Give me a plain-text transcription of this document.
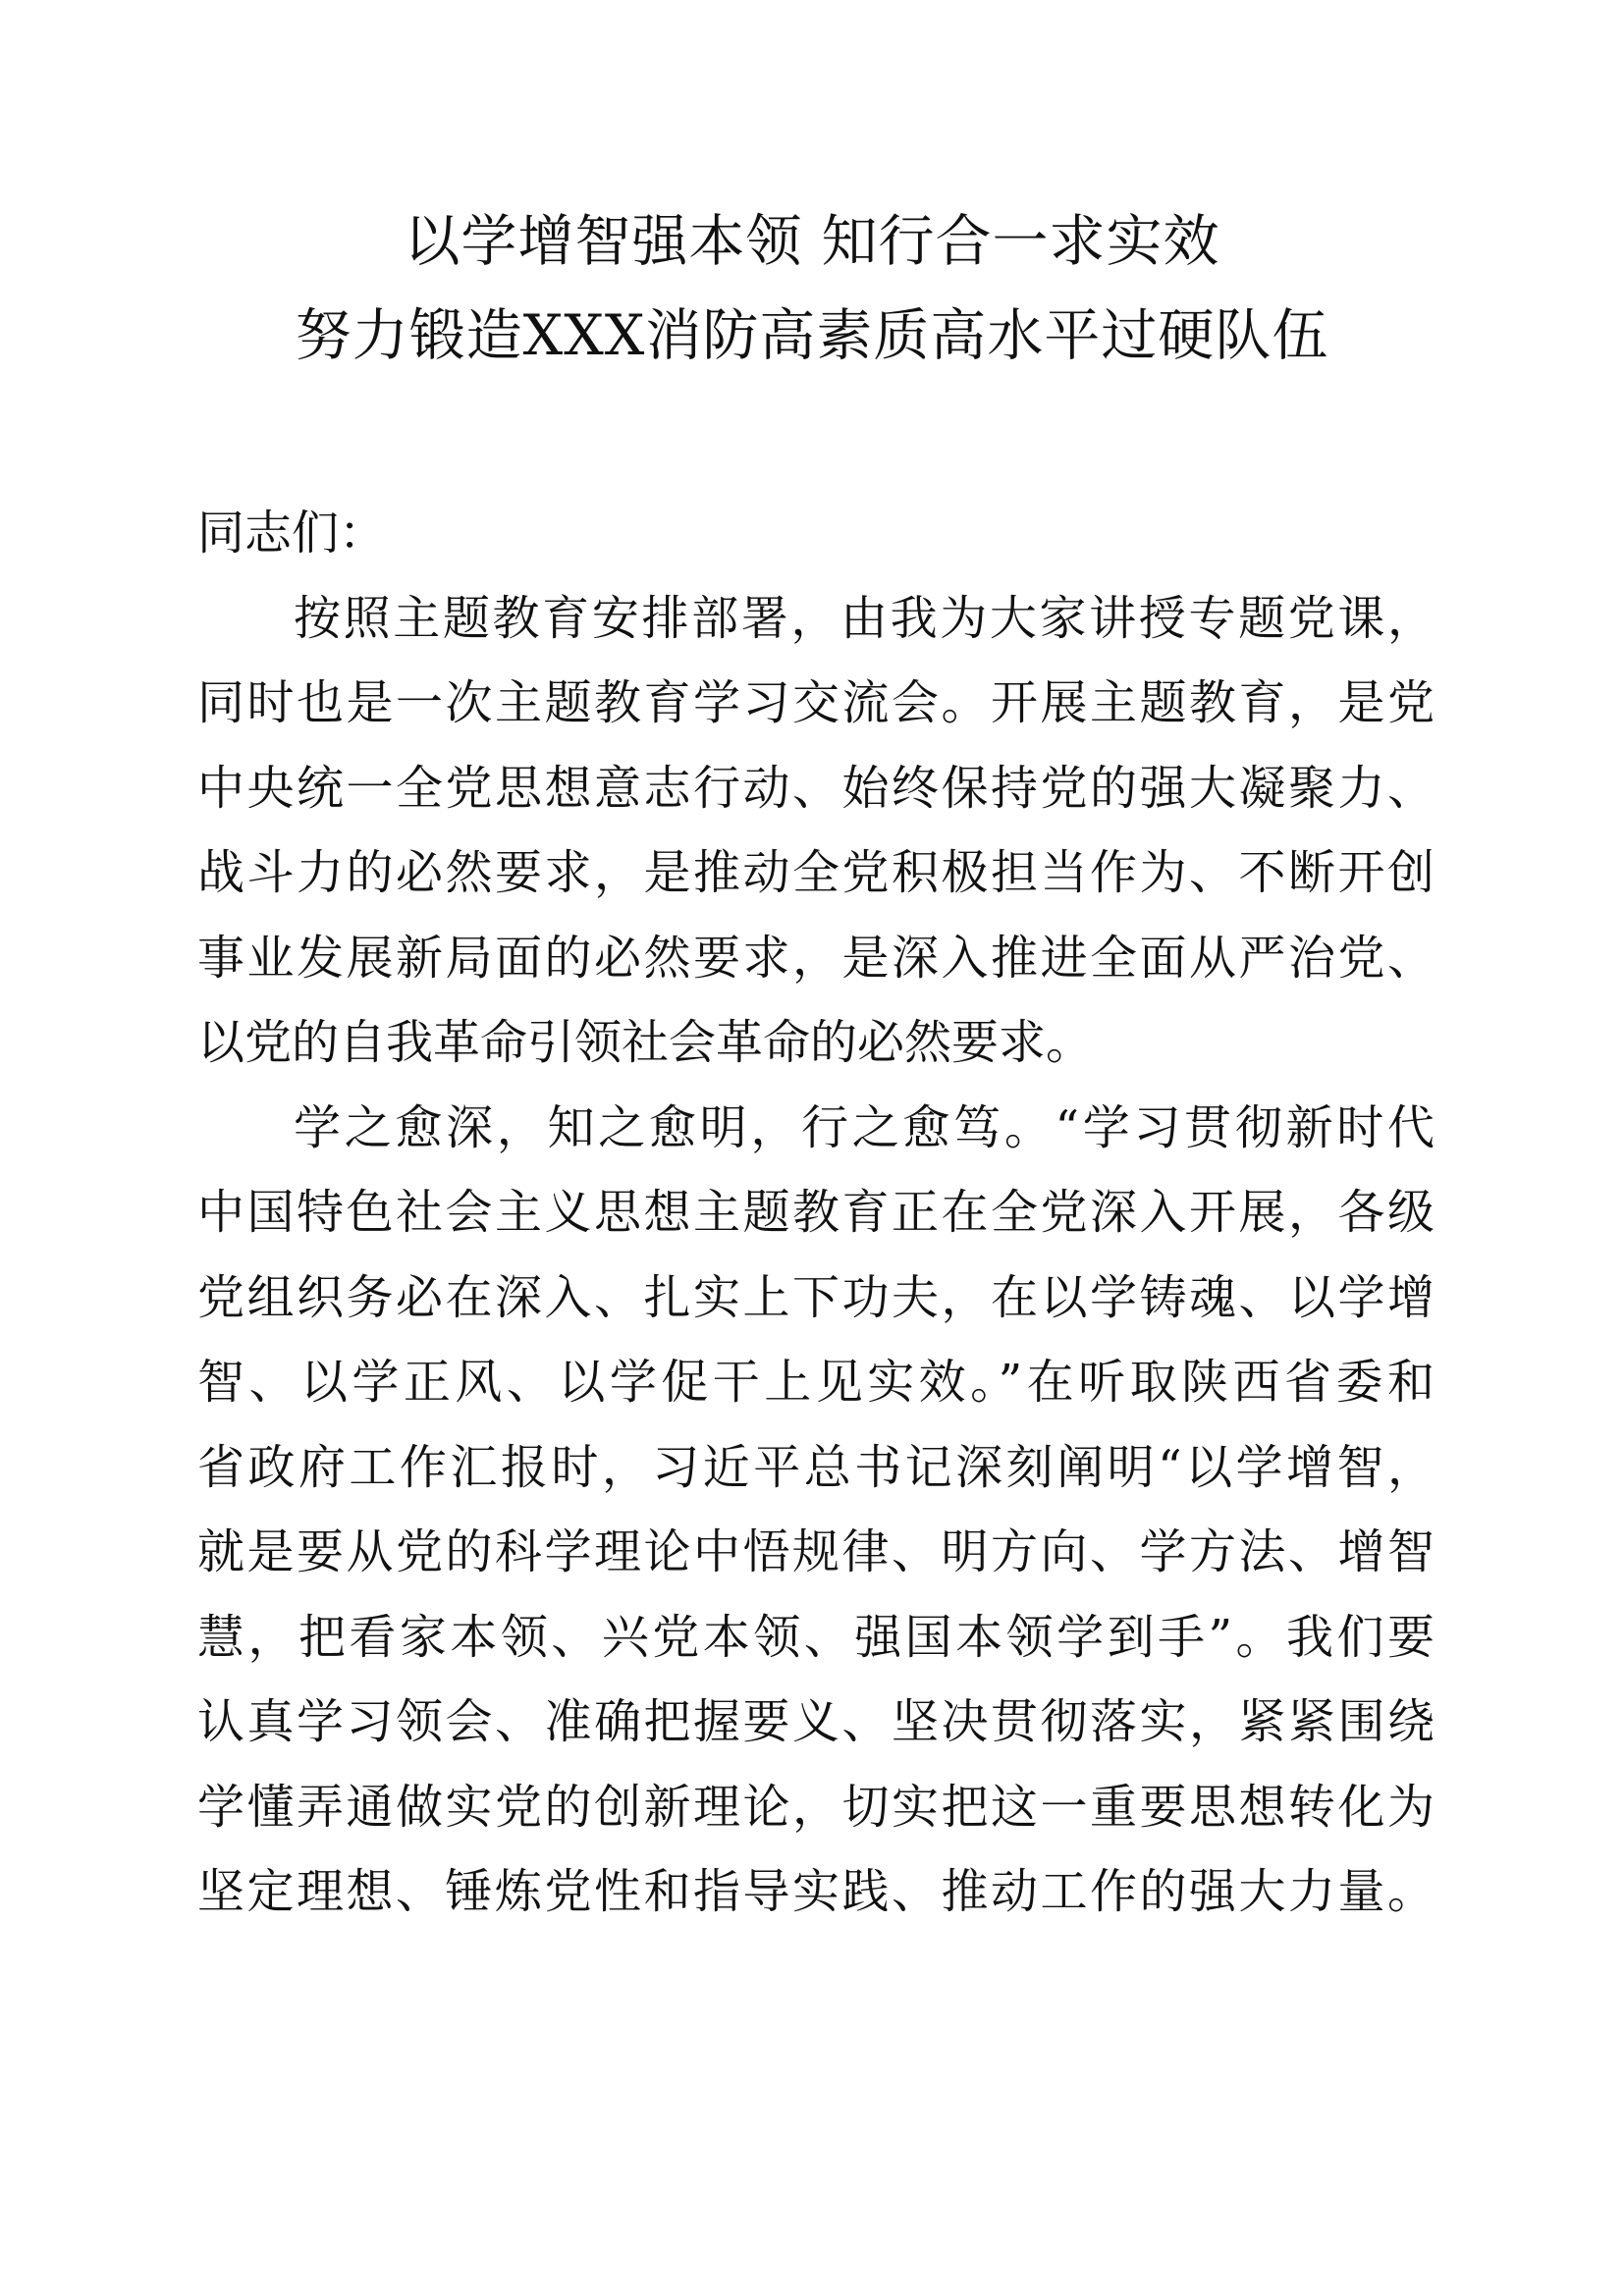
以学增智强本领 知行合一求实效
努力锻造XXX消防高素质高水平过硬队伍
同志们：
按照主题教育安排部署，由我为大家讲授专题党课，
同时也是一次主题教育学习交流会。开展主题教育，是党
中央统一全党思想意志行动、始终保持党的强大凝聚力、
战斗力的必然要求，是推动全党积极担当作为、不断开创
事业发展新局面的必然要求，是深入推进全面从严治党、
以党的自我革命引领社会革命的必然要求。
学之愈深，知之愈明，行之愈笃。“学习贯彻新时代
中国特色社会主义思想主题教育正在全党深入开展，各级
党组织务必在深入、扎实上下功夫，在以学铸魂、以学增
智、以学正风、以学促干上见实效。”在听取陕西省委和
省政府工作汇报时，习近平总书记深刻阐明“以学增智，
就是要从党的科学理论中悟规律、明方向、学方法、增智
慧，把看家本领、兴党本领、强国本领学到手”。我们要
认真学习领会、准确把握要义、坚决贯彻落实，紧紧围绕
学懂弄通做实党的创新理论，切实把这一重要思想转化为
坚定理想、锤炼党性和指导实践、推动工作的强大力量。
